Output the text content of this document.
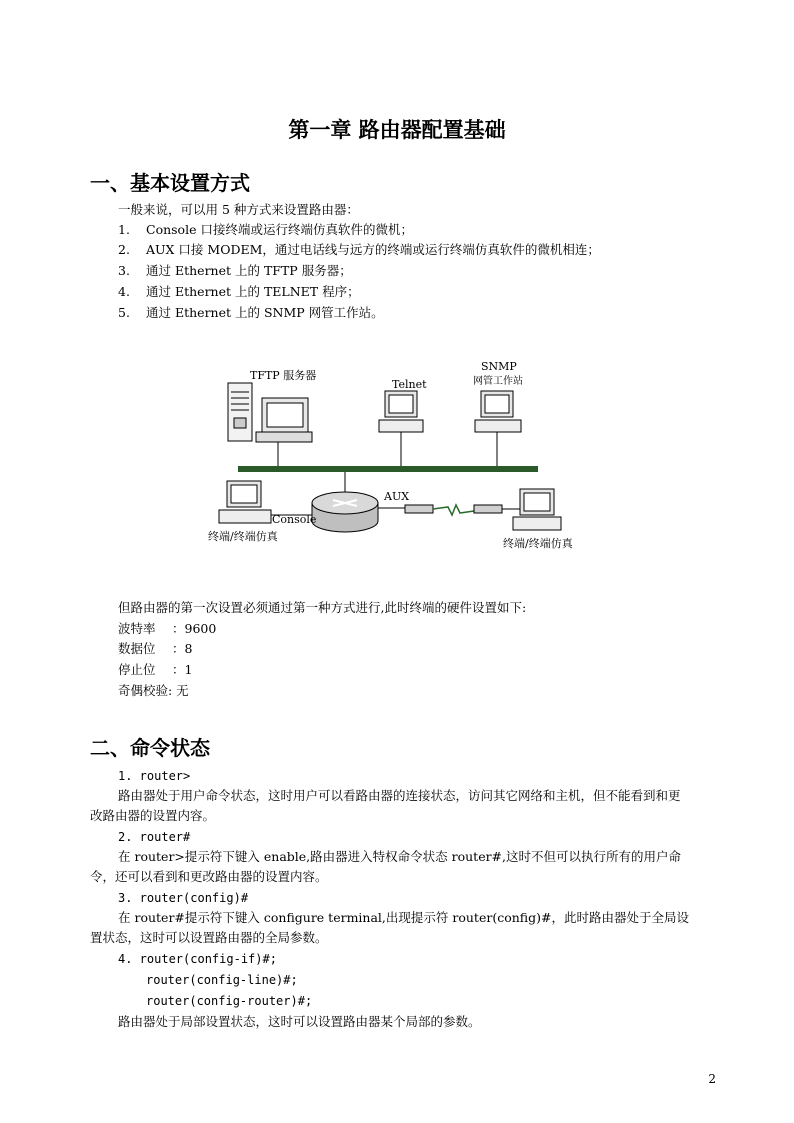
第一章 路由器配置基础
一、基本设置方式
一般来说，可以用 5 种方式来设置路由器：
1. Console 口接终端或运行终端仿真软件的微机；
2. AUX 口接 MODEM，通过电话线与远方的终端或运行终端仿真软件的微机相连；
3. 通过 Ethernet 上的 TFTP 服务器；
4. 通过 Ethernet 上的 TELNET 程序；
5. 通过 Ethernet 上的 SNMP 网管工作站。
TFTP 服务器
Telnet
SNMP
网管工作站
AUX
Console
终端/终端仿真
终端/终端仿真
但路由器的第一次设置必须通过第一种方式进行,此时终端的硬件设置如下:
波特率 ：9600
数据位 ：8
停止位 ：1
奇偶校验: 无
二、命令状态
1. router>
路由器处于用户命令状态，这时用户可以看路由器的连接状态，访问其它网络和主机，但不能看到和更改路由器的设置内容。
2. router#
在 router>提示符下键入 enable,路由器进入特权命令状态 router#,这时不但可以执行所有的用户命令，还可以看到和更改路由器的设置内容。
3. router(config)#
在 router#提示符下键入 configure terminal,出现提示符 router(config)#，此时路由器处于全局设置状态，这时可以设置路由器的全局参数。
4. router(config-if)#;
router(config-line)#;
router(config-router)#;
路由器处于局部设置状态，这时可以设置路由器某个局部的参数。
2
